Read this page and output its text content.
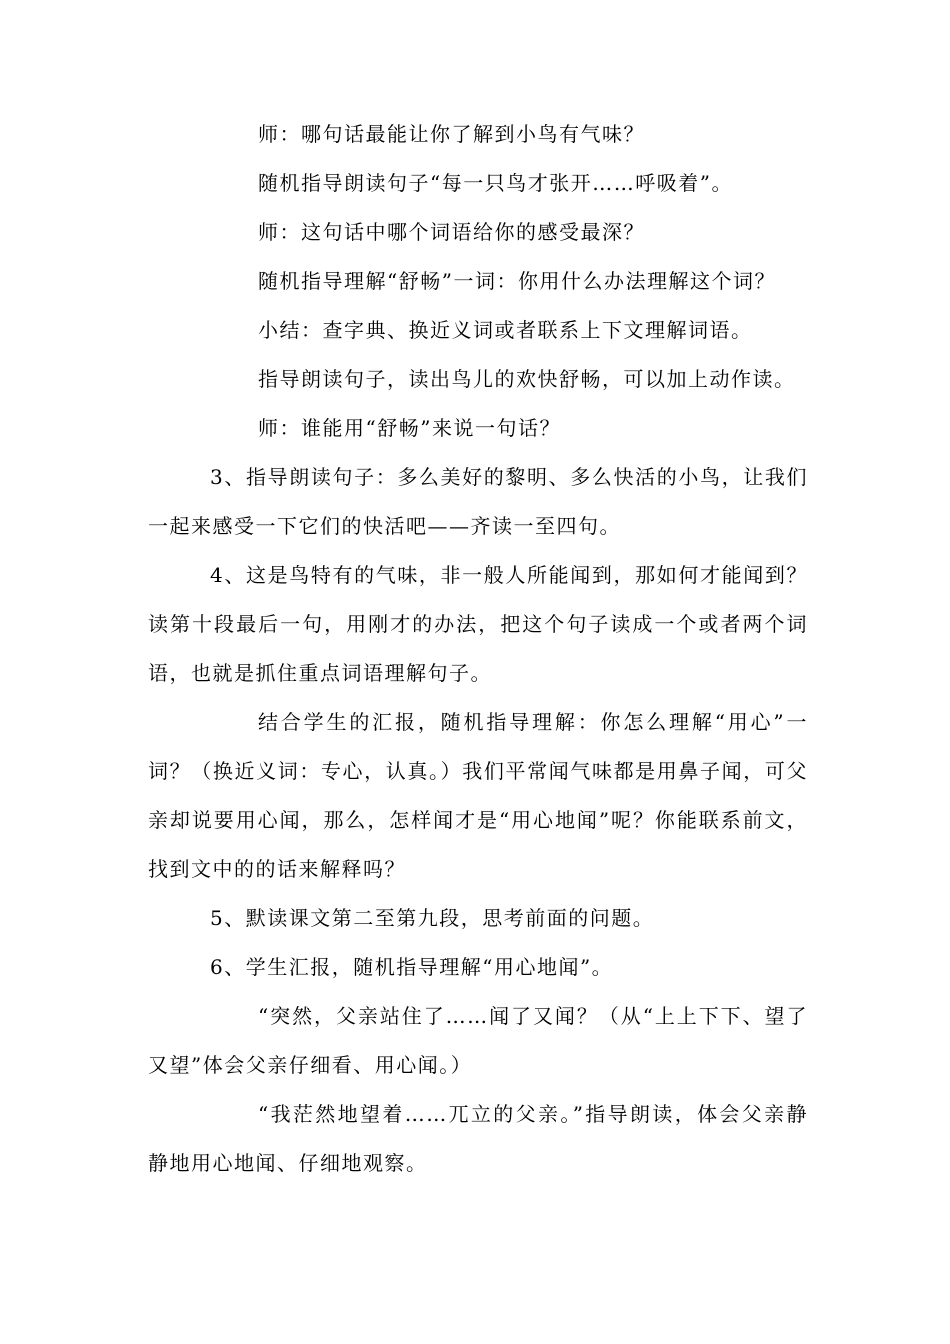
师：哪句话最能让你了解到小鸟有气味？

随机指导朗读句子“每一只鸟才张开……呼吸着”。

师：这句话中哪个词语给你的感受最深？

随机指导理解“舒畅”一词：你用什么办法理解这个词？

小结：查字典、换近义词或者联系上下文理解词语。

指导朗读句子，读出鸟儿的欢快舒畅，可以加上动作读。

师：谁能用“舒畅”来说一句话？

3、指导朗读句子：多么美好的黎明、多么快活的小鸟，让我们一起来感受一下它们的快活吧——齐读一至四句。

4、这是鸟特有的气味，非一般人所能闻到，那如何才能闻到？读第十段最后一句，用刚才的办法，把这个句子读成一个或者两个词语，也就是抓住重点词语理解句子。

结合学生的汇报，随机指导理解：你怎么理解“用心”一词？（换近义词：专心，认真。）我们平常闻气味都是用鼻子闻，可父亲却说要用心闻，那么，怎样闻才是“用心地闻”呢？你能联系前文，找到文中的的话来解释吗？

5、默读课文第二至第九段，思考前面的问题。

6、学生汇报，随机指导理解“用心地闻”。

“突然，父亲站住了……闻了又闻？（从“上上下下、望了又望”体会父亲仔细看、用心闻。）

“我茫然地望着……兀立的父亲。”指导朗读，体会父亲静静地用心地闻、仔细地观察。
